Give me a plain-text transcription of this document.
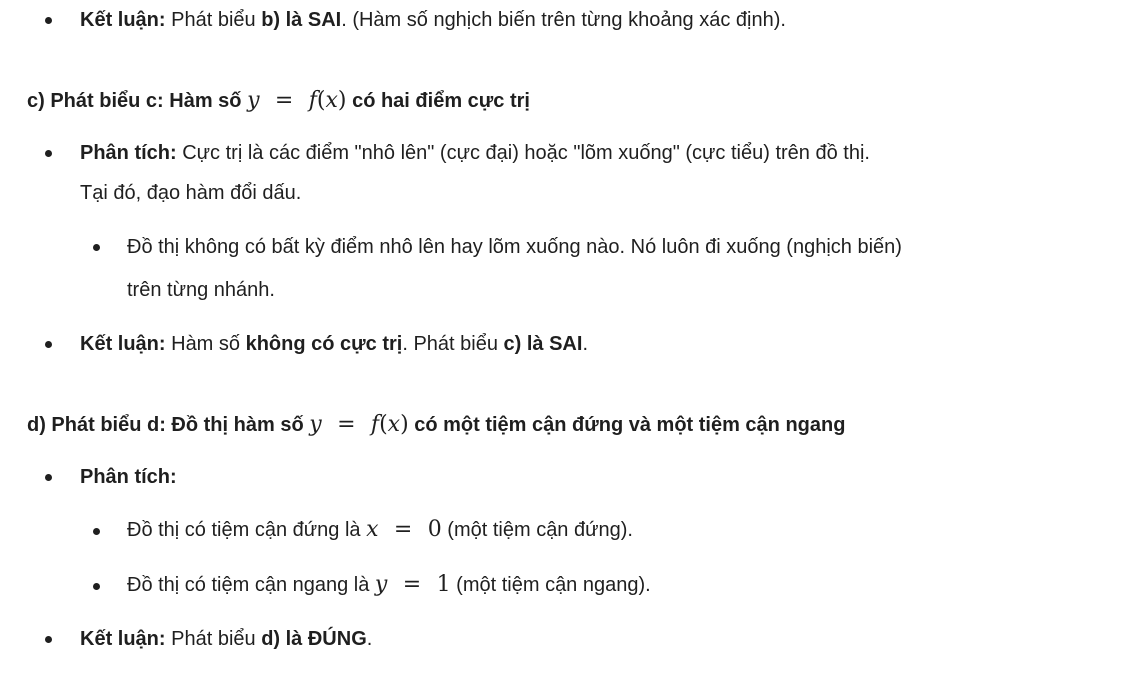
Kết luận: Phát biểu b) là SAI. (Hàm số nghịch biến trên từng khoảng xác định).
c) Phát biểu c: Hàm số y  =  f(x) có hai điểm cực trị
Phân tích: Cực trị là các điểm "nhô lên" (cực đại) hoặc "lõm xuống" (cực tiểu) trên đồ thị.
Tại đó, đạo hàm đổi dấu.
Đồ thị không có bất kỳ điểm nhô lên hay lõm xuống nào. Nó luôn đi xuống (nghịch biến)
trên từng nhánh.
Kết luận: Hàm số không có cực trị. Phát biểu c) là SAI.
d) Phát biểu d: Đồ thị hàm số y  =  f(x) có một tiệm cận đứng và một tiệm cận ngang
Phân tích:
Đồ thị có tiệm cận đứng là x  =  0 (một tiệm cận đứng).
Đồ thị có tiệm cận ngang là y  =  1 (một tiệm cận ngang).
Kết luận: Phát biểu d) là ĐÚNG.
